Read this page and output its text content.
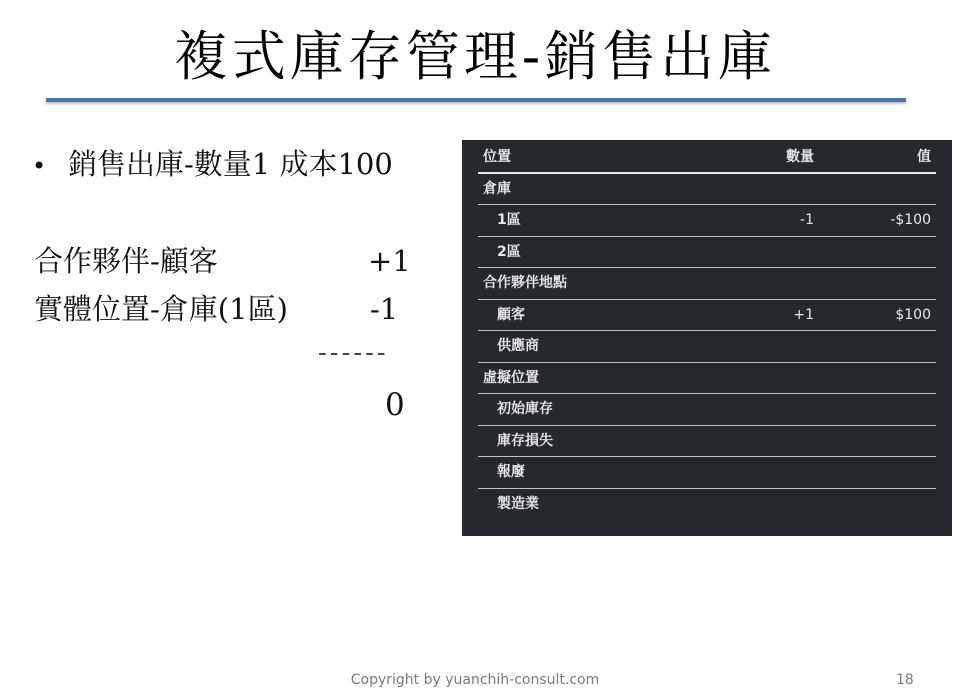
複式庫存管理-銷售出庫
• 銷售出庫-數量1 成本100
合作夥伴-顧客	+1
實體位置-倉庫(1區)	-1
------
0
位置	數量	值
倉庫
1區	-1	-$100
2區
合作夥伴地點
顧客	+1	$100
供應商
虛擬位置
初始庫存
庫存損失
報廢
製造業
Copyright by yuanchih-consult.com	18
